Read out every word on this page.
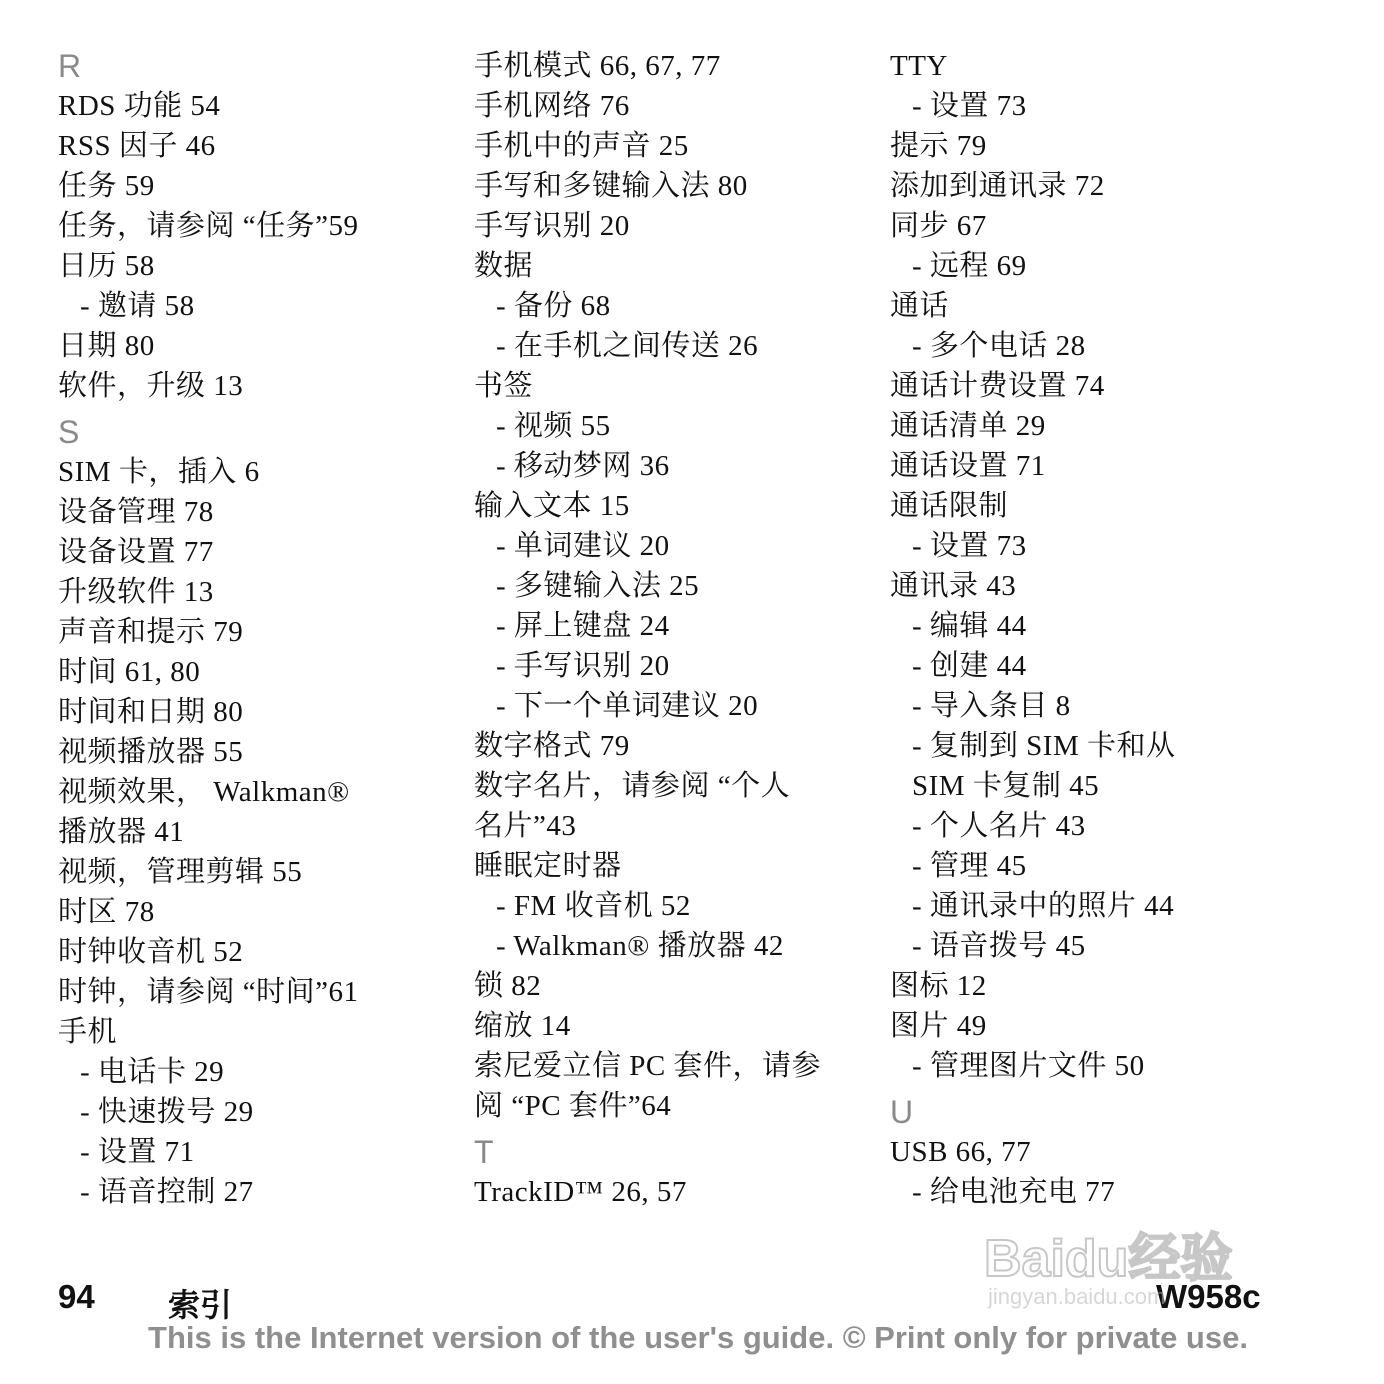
R
RDS 功能 54
RSS 因子 46
任务 59
任务，请参阅 “任务”59
日历 58
- 邀请 58
日期 80
软件，升级 13
S
SIM 卡，插入 6
设备管理 78
设备设置 77
升级软件 13
声音和提示 79
时间 61, 80
时间和日期 80
视频播放器 55
视频效果， Walkman®
播放器 41
视频，管理剪辑 55
时区 78
时钟收音机 52
时钟，请参阅 “时间”61
手机
- 电话卡 29
- 快速拨号 29
- 设置 71
- 语音控制 27
手机模式 66, 67, 77
手机网络 76
手机中的声音 25
手写和多键输入法 80
手写识别 20
数据
- 备份 68
- 在手机之间传送 26
书签
- 视频 55
- 移动梦网 36
输入文本 15
- 单词建议 20
- 多键输入法 25
- 屏上键盘 24
- 手写识别 20
- 下一个单词建议 20
数字格式 79
数字名片，请参阅 “个人
名片”43
睡眠定时器
- FM 收音机 52
- Walkman® 播放器 42
锁 82
缩放 14
索尼爱立信 PC 套件，请参
阅 “PC 套件”64
T
TrackID™ 26, 57
TTY
- 设置 73
提示 79
添加到通讯录 72
同步 67
- 远程 69
通话
- 多个电话 28
通话计费设置 74
通话清单 29
通话设置 71
通话限制
- 设置 73
通讯录 43
- 编辑 44
- 创建 44
- 导入条目 8
- 复制到 SIM 卡和从
SIM 卡复制 45
- 个人名片 43
- 管理 45
- 通讯录中的照片 44
- 语音拨号 45
图标 12
图片 49
- 管理图片文件 50
U
USB 66, 77
- 给电池充电 77
94 索引	W958c
This is the Internet version of the user's guide. © Print only for private use.
Baidu经验
jingyan.baidu.com
